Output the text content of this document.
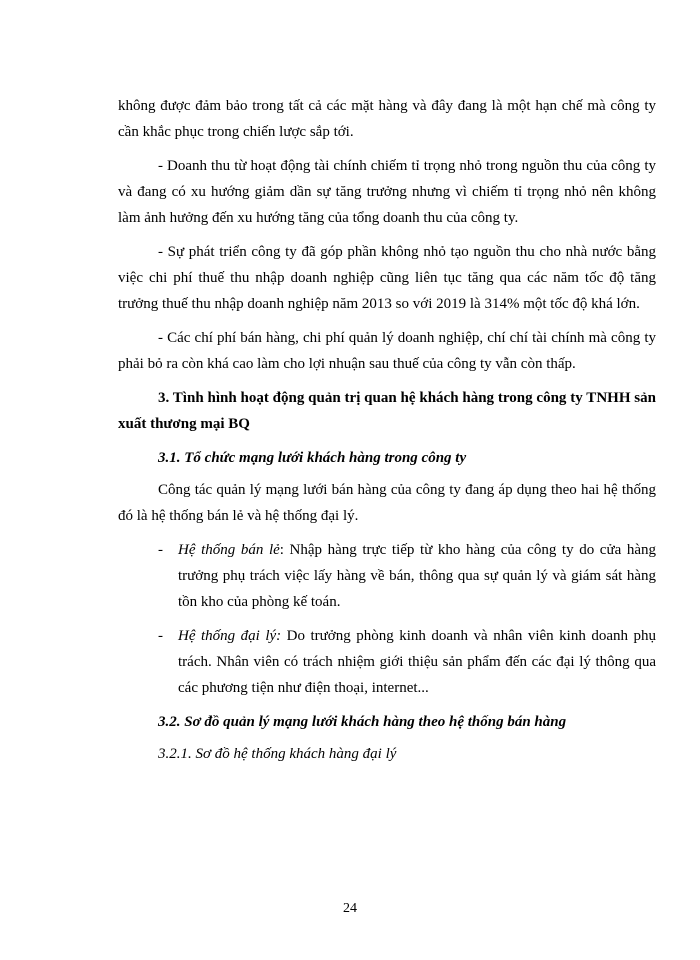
không được đảm bảo trong tất cả các mặt hàng và đây đang là một hạn chế mà công ty cần khắc phục trong chiến lược sắp tới.

- Doanh thu từ hoạt động tài chính chiếm tỉ trọng nhỏ trong nguồn thu của công ty và đang có xu hướng giảm dần sự tăng trưởng nhưng vì chiếm tỉ trọng nhỏ nên không làm ảnh hưởng đến xu hướng tăng của tổng doanh thu của công ty.

- Sự phát triển công ty đã góp phần không nhỏ tạo nguồn thu cho nhà nước bằng việc chi phí thuế thu nhập doanh nghiệp cũng liên tục tăng qua các năm tốc độ tăng trưởng thuế thu nhập doanh nghiệp năm 2013 so với 2019 là 314% một tốc độ khá lớn.

- Các chí phí bán hàng, chi phí quản lý doanh nghiệp, chí chí tài chính mà công ty phải bỏ ra còn khá cao làm cho lợi nhuận sau thuế của công ty vẫn còn thấp.

3. Tình hình hoạt động quản trị quan hệ khách hàng trong công ty TNHH sản xuất thương mại BQ

3.1. Tổ chức mạng lưới khách hàng trong công ty

Công tác quản lý mạng lưới bán hàng của công ty đang áp dụng theo hai hệ thống đó là hệ thống bán lẻ và hệ thống đại lý.

-	Hệ thống bán lẻ: Nhập hàng trực tiếp từ kho hàng của công ty do cửa hàng trưởng phụ trách việc lấy hàng về bán, thông qua sự quản lý và giám sát hàng tồn kho của phòng kế toán.
-	Hệ thống đại lý: Do trưởng phòng kinh doanh và nhân viên kinh doanh phụ trách. Nhân viên có trách nhiệm giới thiệu sản phẩm đến các đại lý thông qua các phương tiện như điện thoại, internet...

3.2. Sơ đồ quản lý mạng lưới khách hàng theo hệ thống bán hàng

3.2.1. Sơ đồ hệ thống khách hàng đại lý

24
